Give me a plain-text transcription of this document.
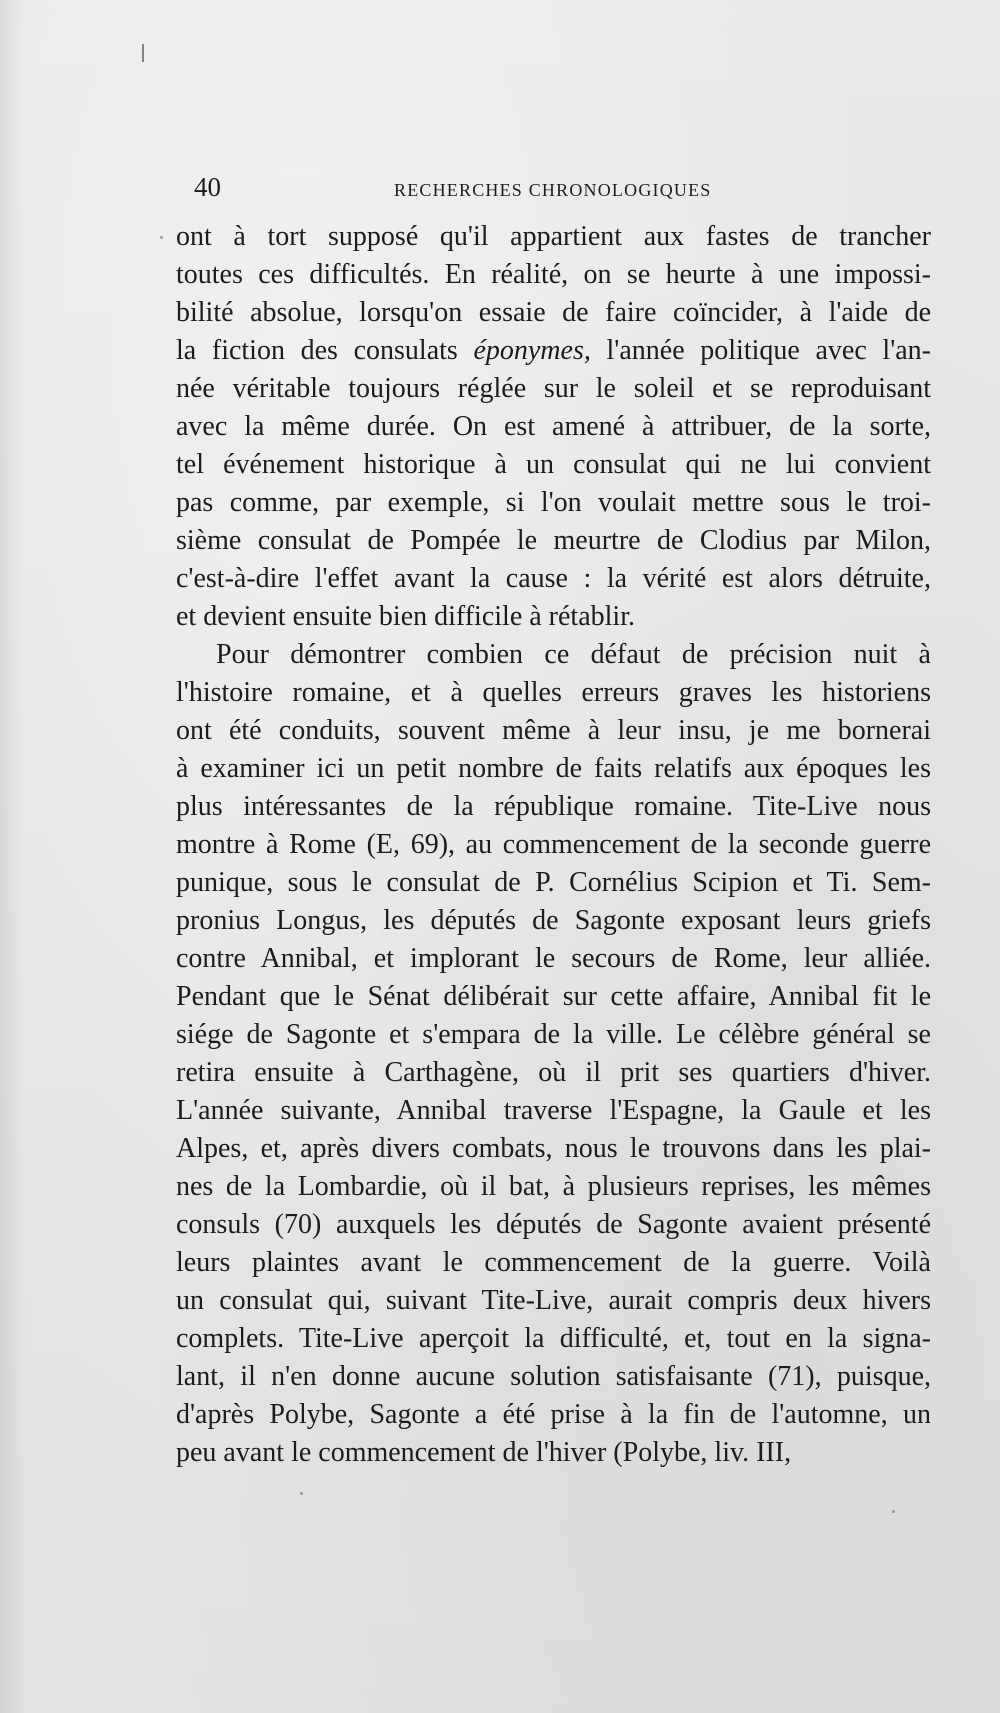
40	RECHERCHES CHRONOLOGIQUES
ont à tort supposé qu'il appartient aux fastes de trancher
toutes ces difficultés. En réalité, on se heurte à une impossi-
bilité absolue, lorsqu'on essaie de faire coïncider, à l'aide de
la fiction des consulats éponymes, l'année politique avec l'an-
née véritable toujours réglée sur le soleil et se reproduisant
avec la même durée. On est amené à attribuer, de la sorte,
tel événement historique à un consulat qui ne lui convient
pas comme, par exemple, si l'on voulait mettre sous le troi-
sième consulat de Pompée le meurtre de Clodius par Milon,
c'est-à-dire l'effet avant la cause : la vérité est alors détruite,
et devient ensuite bien difficile à rétablir.
Pour démontrer combien ce défaut de précision nuit à
l'histoire romaine, et à quelles erreurs graves les historiens
ont été conduits, souvent même à leur insu, je me bornerai
à examiner ici un petit nombre de faits relatifs aux époques les
plus intéressantes de la république romaine. Tite-Live nous
montre à Rome (E, 69), au commencement de la seconde guerre
punique, sous le consulat de P. Cornélius Scipion et Ti. Sem-
pronius Longus, les députés de Sagonte exposant leurs griefs
contre Annibal, et implorant le secours de Rome, leur alliée.
Pendant que le Sénat délibérait sur cette affaire, Annibal fit le
siége de Sagonte et s'empara de la ville. Le célèbre général se
retira ensuite à Carthagène, où il prit ses quartiers d'hiver.
L'année suivante, Annibal traverse l'Espagne, la Gaule et les
Alpes, et, après divers combats, nous le trouvons dans les plai-
nes de la Lombardie, où il bat, à plusieurs reprises, les mêmes
consuls (70) auxquels les députés de Sagonte avaient présenté
leurs plaintes avant le commencement de la guerre. Voilà
un consulat qui, suivant Tite-Live, aurait compris deux hivers
complets. Tite-Live aperçoit la difficulté, et, tout en la signa-
lant, il n'en donne aucune solution satisfaisante (71), puisque,
d'après Polybe, Sagonte a été prise à la fin de l'automne, un
peu avant le commencement de l'hiver (Polybe, liv. III,
